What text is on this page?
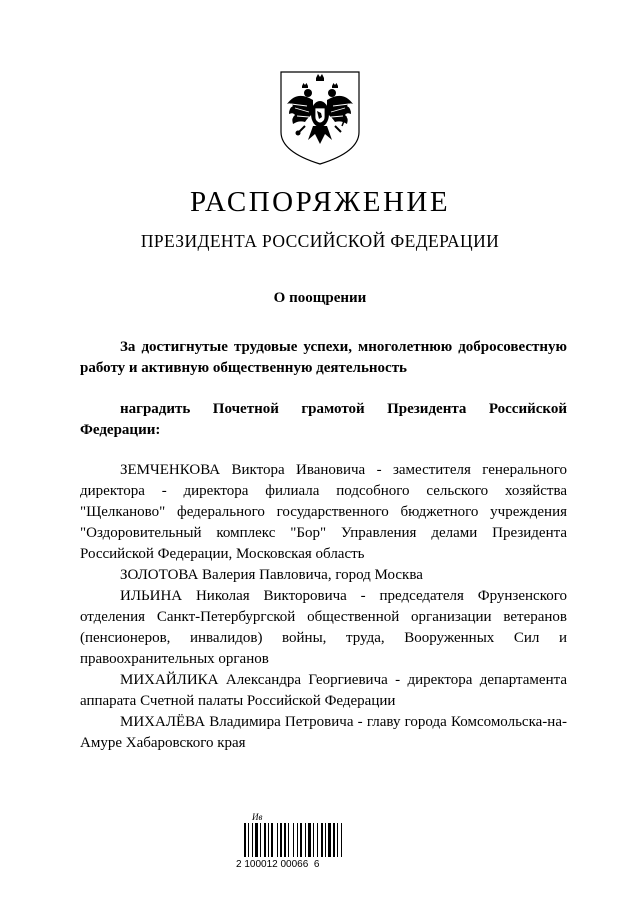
РАСПОРЯЖЕНИЕ
ПРЕЗИДЕНТА РОССИЙСКОЙ ФЕДЕРАЦИИ
О поощрении

За достигнутые трудовые успехи, многолетнюю добросовестную работу и активную общественную деятельность

наградить Почетной грамотой Президента Российской Федерации:

ЗЕМЧЕНКОВА Виктора Ивановича - заместителя генерального директора - директора филиала подсобного сельского хозяйства "Щелканово" федерального государственного бюджетного учреждения "Оздоровительный комплекс "Бор" Управления делами Президента Российской Федерации, Московская область

ЗОЛОТОВА Валерия Павловича, город Москва

ИЛЬИНА Николая Викторовича - председателя Фрунзенского отделения Санкт-Петербургской общественной организации ветеранов (пенсионеров, инвалидов) войны, труда, Вооруженных Сил и правоохранительных органов

МИХАЙЛИКА Александра Георгиевича - директора департамента аппарата Счетной палаты Российской Федерации

МИХАЛЁВА Владимира Петровича - главу города Комсомольска-на-Амуре Хабаровского края

Ив
2 100012 00066  6
